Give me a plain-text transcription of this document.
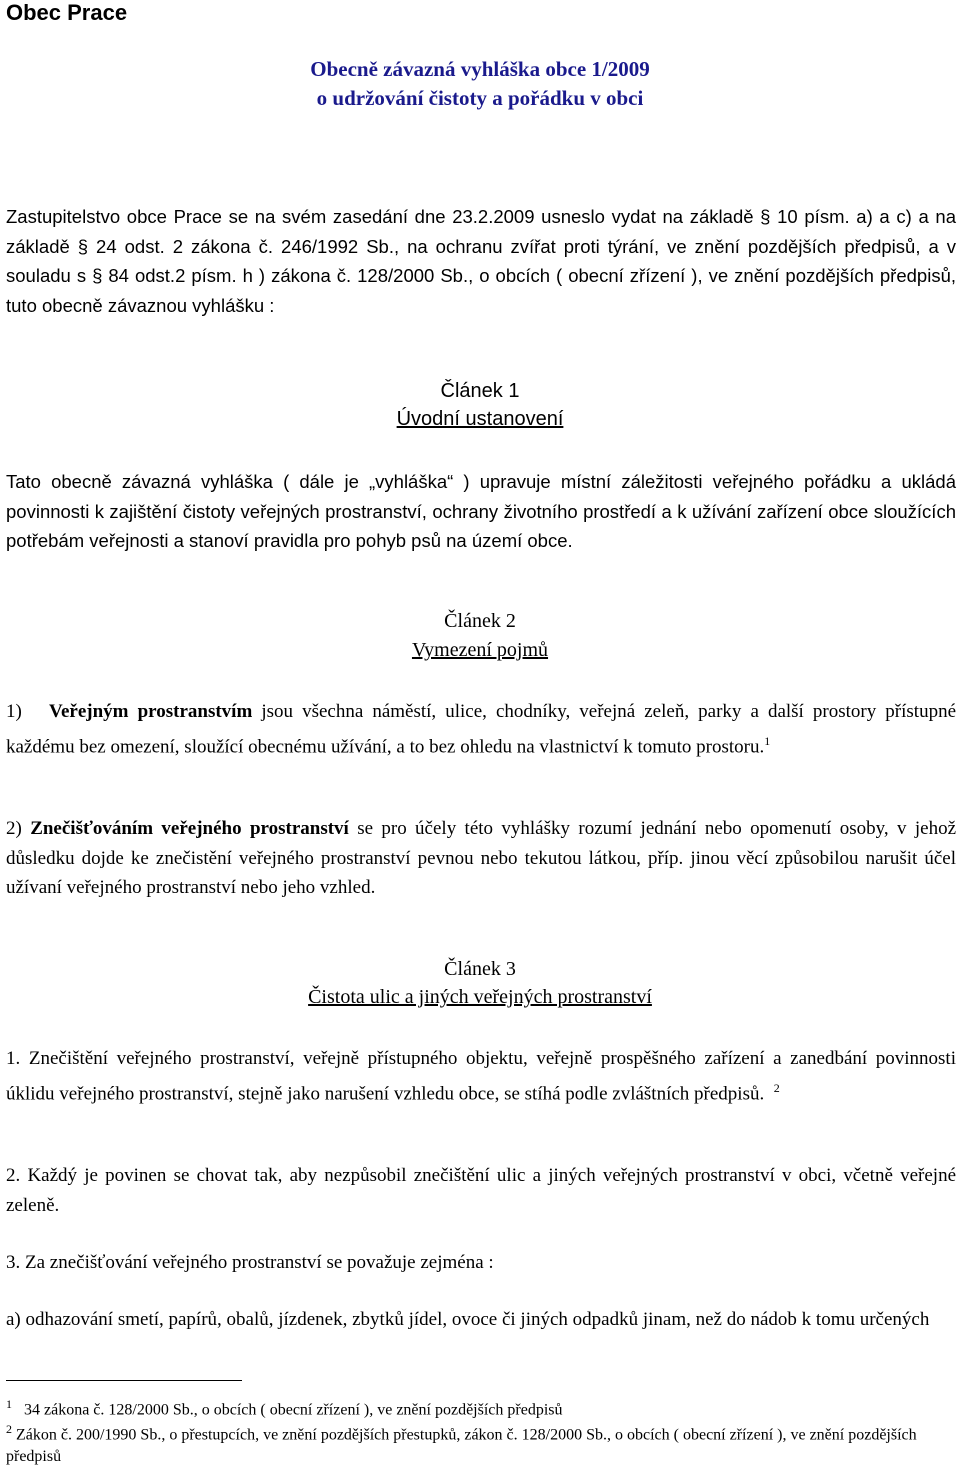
Obec Prace
Obecně závazná vyhláška obce 1/2009
o udržování čistoty a pořádku v obci
Zastupitelstvo obce Prace se na svém zasedání dne 23.2.2009 usneslo vydat na základě § 10 písm. a) a c) a na základě § 24 odst. 2 zákona č. 246/1992 Sb., na ochranu zvířat proti týrání, ve znění pozdějších předpisů, a v souladu s § 84 odst.2 písm. h ) zákona č. 128/2000 Sb., o obcích ( obecní zřízení ), ve znění pozdějších předpisů, tuto obecně závaznou vyhlášku :
Článek 1
Úvodní ustanovení
Tato obecně závazná vyhláška ( dále je „vyhláška“ ) upravuje místní záležitosti veřejného pořádku a ukládá povinnosti k zajištění čistoty veřejných prostranství, ochrany životního prostředí a k užívání zařízení obce sloužících potřebám veřejnosti a stanoví pravidla pro pohyb psů na území obce.
Článek 2
Vymezení pojmů
1) Veřejným prostranstvím jsou všechna náměstí, ulice, chodníky, veřejná zeleň, parky a další prostory přístupné každému bez omezení, sloužící obecnému užívání, a to bez ohledu na vlastnictví k tomuto prostoru.$^1$
2) Znečišťováním veřejného prostranství se pro účely této vyhlášky rozumí jednání nebo opomenutí osoby, v jehož důsledku dojde ke znečistění veřejného prostranství pevnou nebo tekutou látkou, příp. jinou věcí způsobilou narušit účel užívaní veřejného prostranství nebo jeho vzhled.
Článek 3
Čistota ulic a jiných veřejných prostranství
1. Znečištění veřejného prostranství, veřejně přístupného objektu, veřejně prospěšného zařízení a zanedbání povinnosti úklidu veřejného prostranství, stejně jako narušení vzhledu obce, se stíhá podle zvláštních předpisů. $^2$
2. Každý je povinen se chovat tak, aby nezpůsobil znečištění ulic a jiných veřejných prostranství v obci, včetně veřejné zeleně.
3. Za znečišťování veřejného prostranství se považuje zejména :
a) odhazování smetí, papírů, obalů, jízdenek, zbytků jídel, ovoce či jiných odpadků jinam, než do nádob k tomu určených
$^1$ 34 zákona č. 128/2000 Sb., o obcích ( obecní zřízení ), ve znění pozdějších předpisů
$^2$ Zákon č. 200/1990 Sb., o přestupcích, ve znění pozdějších přestupků, zákon č. 128/2000 Sb., o obcích ( obecní zřízení ), ve znění pozdějších předpisů
